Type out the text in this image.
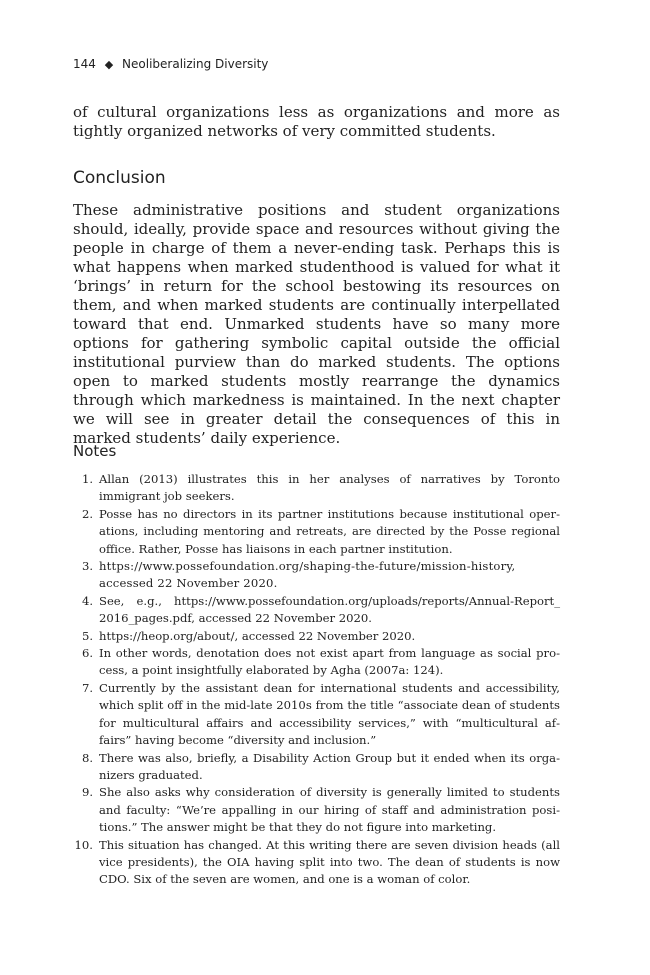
144 ◆ Neoliberalizing Diversity

of cultural organizations less as organizations and more as tightly organized networks of very committed students.

Conclusion

These administrative positions and student organizations should, ideally, provide space and resources without giving the people in charge of them a never-ending task. Perhaps this is what happens when marked studenthood is valued for what it ‘brings’ in return for the school bestowing its resources on them, and when marked students are continually interpellated toward that end. Unmarked students have so many more options for gathering symbolic capital outside the official institutional purview than do marked students. The options open to marked students mostly rearrange the dynamics through which markedness is maintained. In the next chapter we will see in greater detail the consequences of this in marked students’ daily experience.

Notes
1. Allan (2013) illustrates this in her analyses of narratives by Toronto immigrant job seekers.
2. Posse has no directors in its partner institutions because institutional operations, including mentoring and retreats, are directed by the Posse regional office. Rather, Posse has liaisons in each partner institution.
3. https://www.possefoundation.org/shaping-the-future/mission-history, accessed 22 November 2020.
4. See, e.g., https://www.possefoundation.org/uploads/reports/Annual-Report_ 2016_pages.pdf, accessed 22 November 2020.
5. https://heop.org/about/, accessed 22 November 2020.
6. In other words, denotation does not exist apart from language as social process, a point insightfully elaborated by Agha (2007a: 124).
7. Currently by the assistant dean for international students and accessibility, which split off in the mid-late 2010s from the title “associate dean of students for multicultural affairs and accessibility services,” with “multicultural affairs” having become “diversity and inclusion.”
8. There was also, briefly, a Disability Action Group but it ended when its organizers graduated.
9. She also asks why consideration of diversity is generally limited to students and faculty: “We’re appalling in our hiring of staff and administration positions.” The answer might be that they do not figure into marketing.
10. This situation has changed. At this writing there are seven division heads (all vice presidents), the OIA having split into two. The dean of students is now CDO. Six of the seven are women, and one is a woman of color.
